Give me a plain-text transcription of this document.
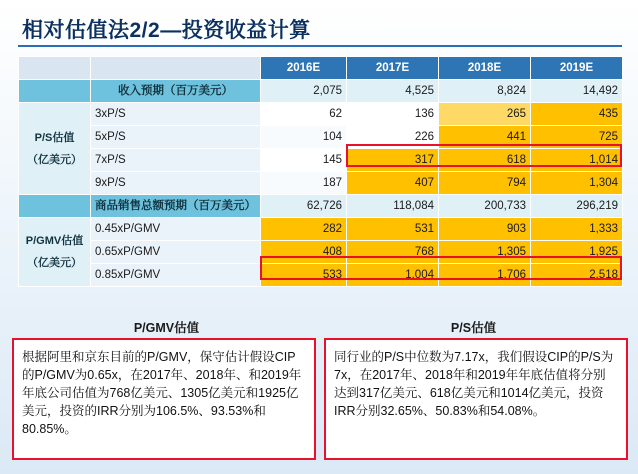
相对估值法2/2—投资收益计算
		2016E	2017E	2018E	2019E
	收入预期（百万美元）	2,075	4,525	8,824	14,492
P/S估值
（亿美元）	3xP/S	62	136	265	435
	5xP/S	104	226	441	725
	7xP/S	145	317	618	1,014
	9xP/S	187	407	794	1,304
	商品销售总额预期（百万美元）	62,726	118,084	200,733	296,219
P/GMV估值
（亿美元）	0.45xP/GMV	282	531	903	1,333
	0.65xP/GMV	408	768	1,305	1,925
	0.85xP/GMV	533	1,004	1,706	2,518
P/GMV估值	P/S估值
根据阿里和京东目前的P/GMV，保守估计假设CIP的P/GMV为0.65x，在2017年、2018年、和2019年年底公司估值为768亿美元、1305亿美元和1925亿美元，投资的IRR分别为106.5%、93.53%和80.85%。
同行业的P/S中位数为7.17x，我们假设CIP的P/S为7x，在2017年、2018年和2019年年底估值将分别达到317亿美元、618亿美元和1014亿美元，投资IRR分别32.65%、50.83%和54.08%。
